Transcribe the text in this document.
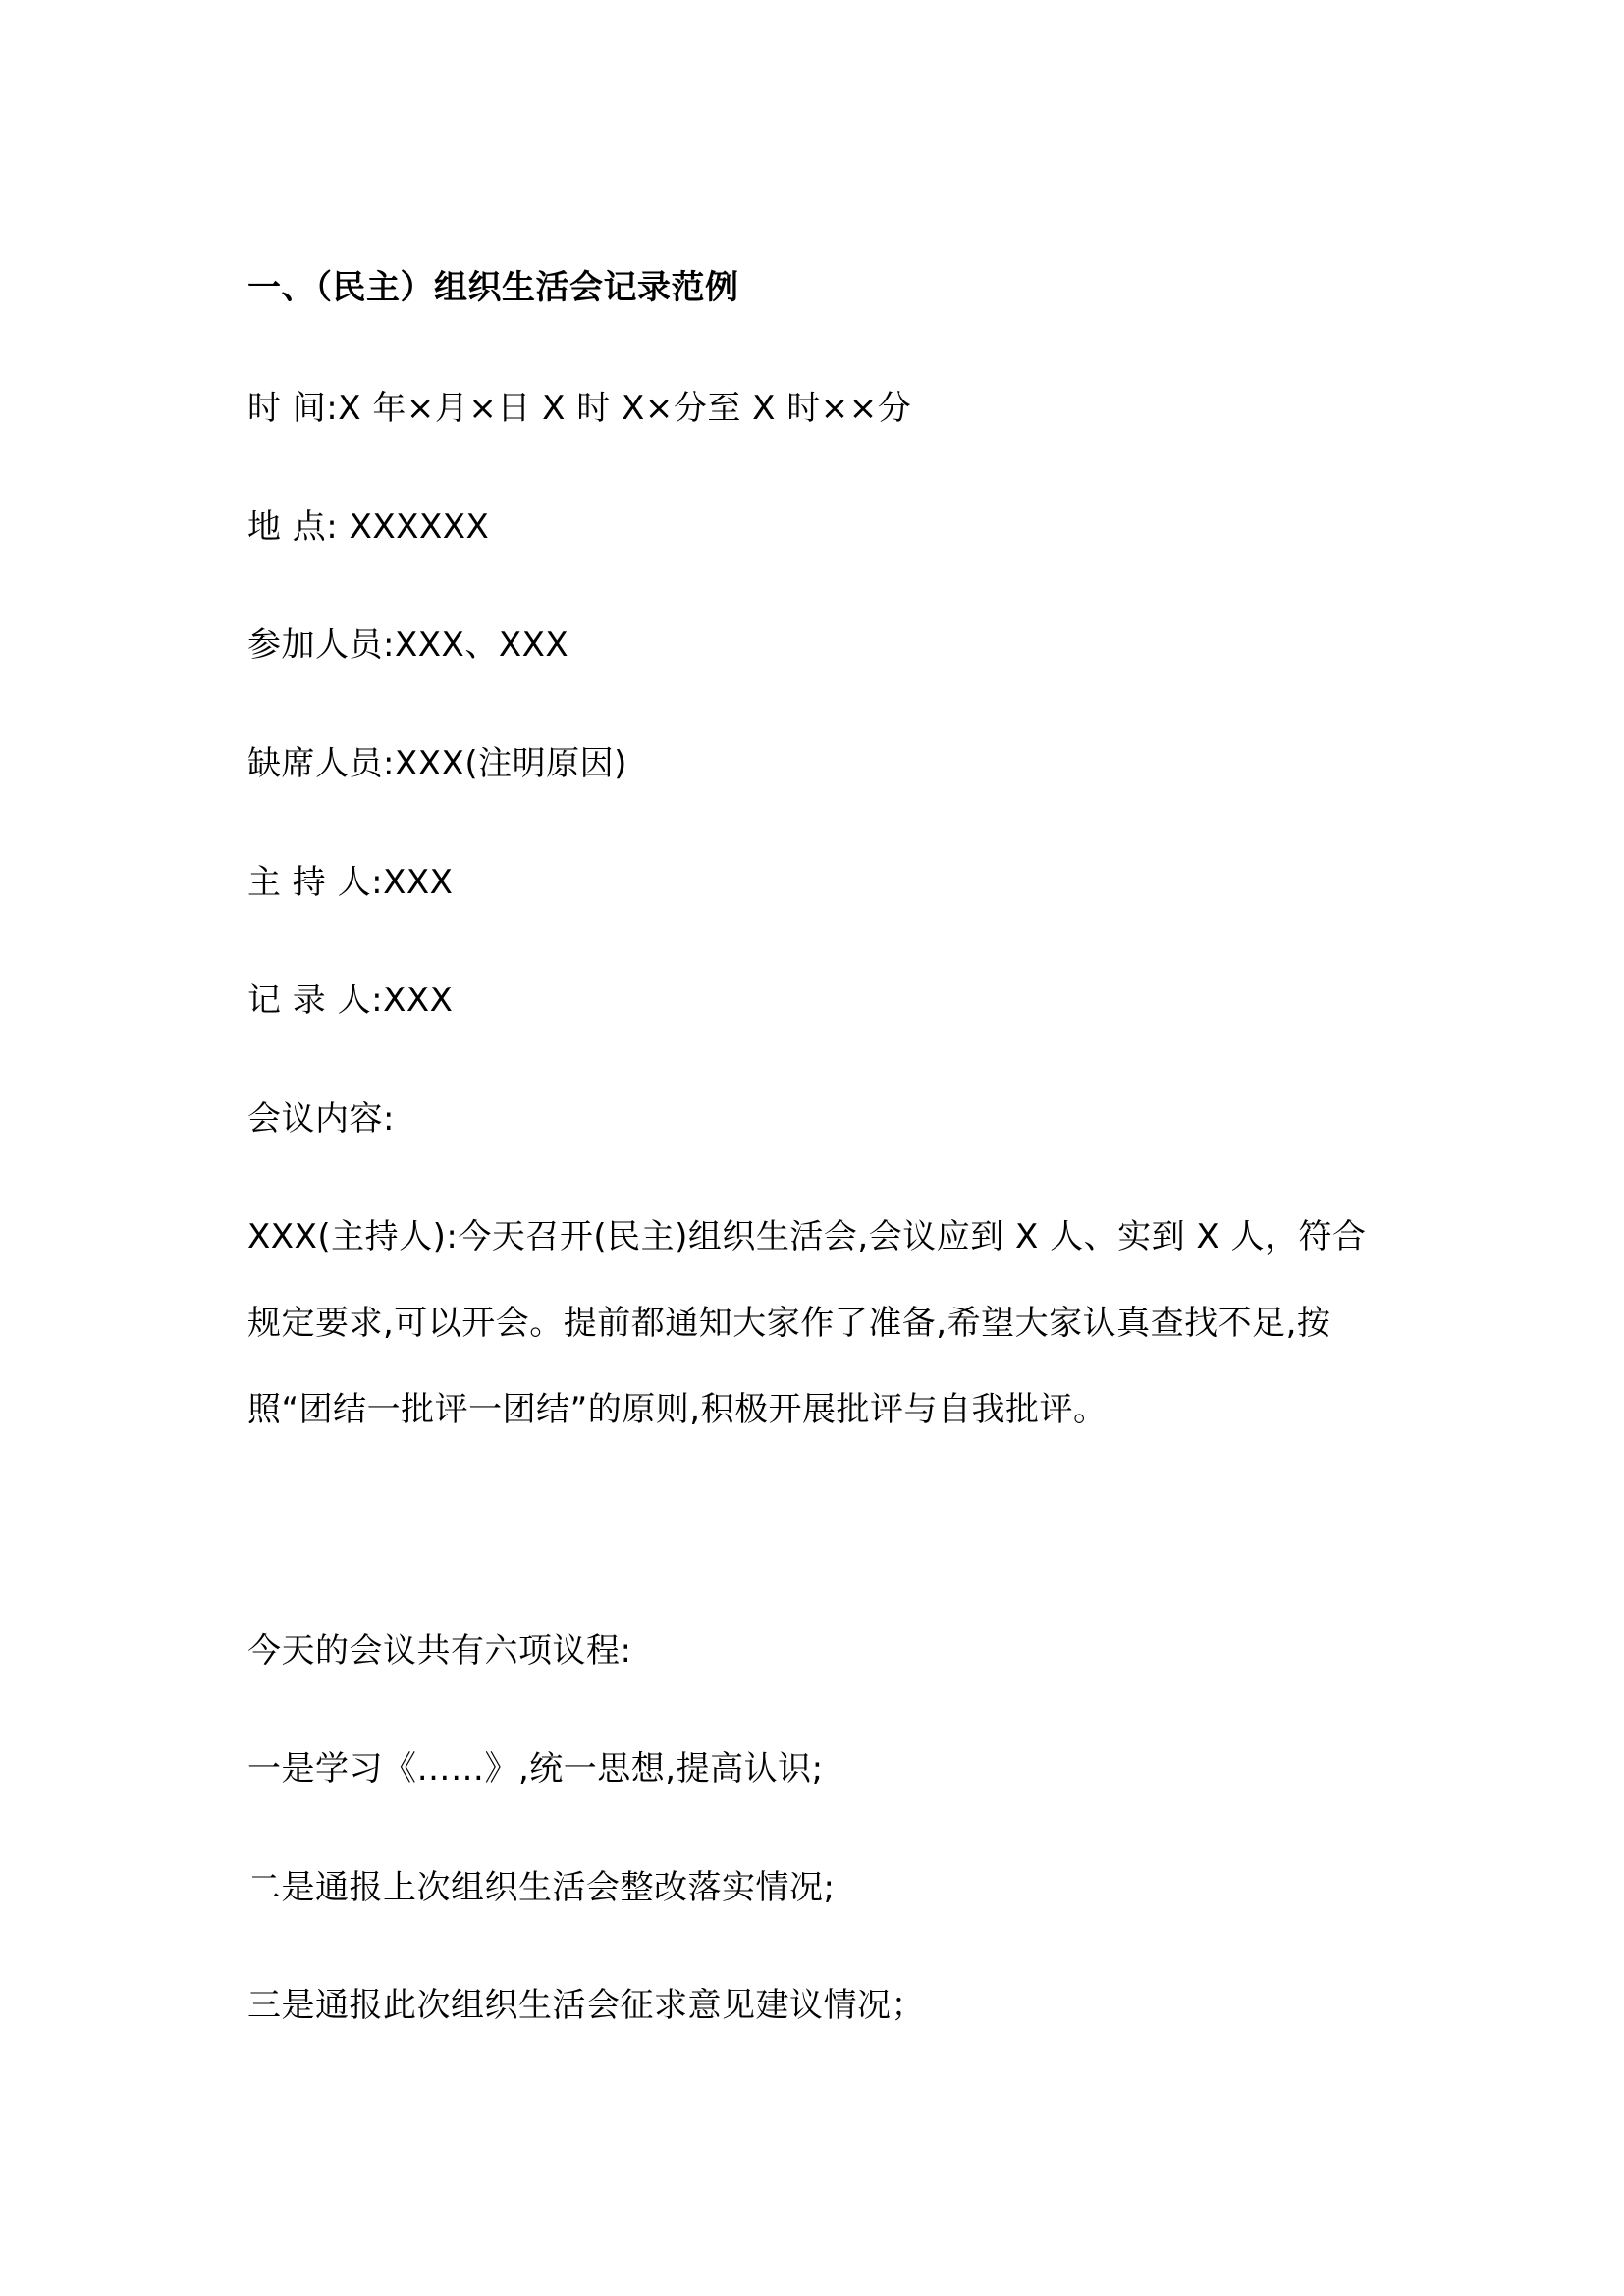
一、（民主）组织生活会记录范例
时 间:X 年×月×日 X 时 X×分至 X 时××分
地 点: XXXXXX
参加人员:XXX、XXX
缺席人员:XXX(注明原因)
主 持 人:XXX
记 录 人:XXX
会议内容:
XXX(主持人):今天召开(民主)组织生活会,会议应到 X 人、实到 X 人，符合
规定要求,可以开会。提前都通知大家作了准备,希望大家认真查找不足,按
照“团结一批评一团结”的原则,积极开展批评与自我批评。
今天的会议共有六项议程:
一是学习《……》,统一思想,提高认识;
二是通报上次组织生活会整改落实情况;
三是通报此次组织生活会征求意见建议情况；
